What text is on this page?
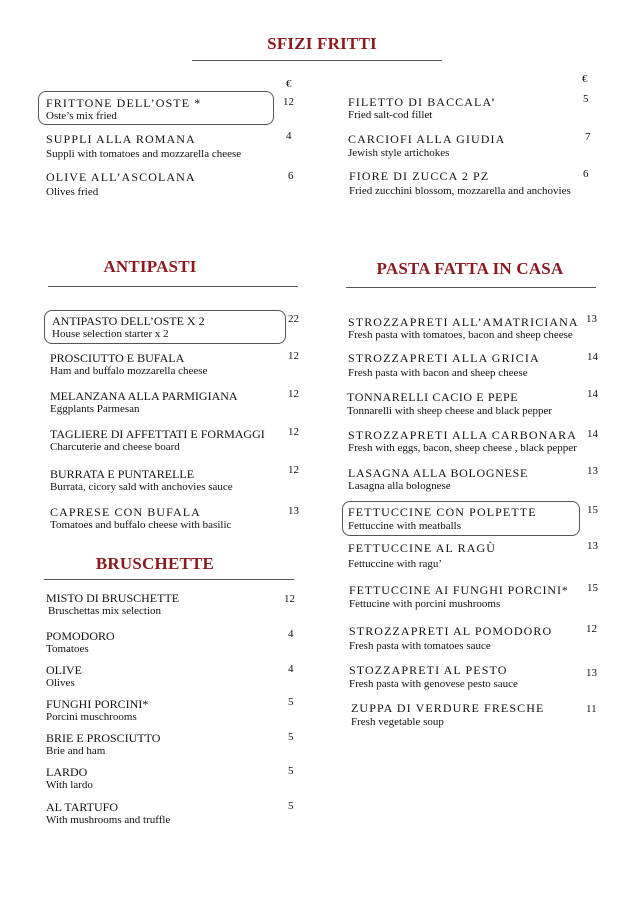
SFIZI FRITTI
€	€
FRITTONE DELL’OSTE *
Oste’s mix fried
12
SUPPLI ALLA ROMANA
Suppli with tomatoes and mozzarella cheese
4
OLIVE ALL’ASCOLANA
Olives fried
6
FILETTO DI BACCALA’
Fried salt-cod fillet
5
CARCIOFI ALLA GIUDIA
Jewish style artichokes
7
FIORE DI ZUCCA 2 PZ
Fried zucchini blossom, mozzarella and anchovies
6
ANTIPASTI
ANTIPASTO DELL’OSTE X 2
House selection starter x 2
22
PROSCIUTTO E BUFALA
Ham and buffalo mozzarella cheese
12
MELANZANA ALLA PARMIGIANA
Eggplants Parmesan
12
TAGLIERE DI AFFETTATI E FORMAGGI
Charcuterie and cheese board
12
BURRATA E PUNTARELLE
Burrata, cicory sald with anchovies sauce
12
CAPRESE CON BUFALA
Tomatoes and buffalo cheese with basilic
13
BRUSCHETTE
MISTO DI BRUSCHETTE
Bruschettas mix selection
12
POMODORO
Tomatoes
4
OLIVE
Olives
4
FUNGHI PORCINI*
Porcini muschrooms
5
BRIE E PROSCIUTTO
Brie and ham
5
LARDO
With lardo
5
AL TARTUFO
With mushrooms and truffle
5
PASTA FATTA IN CASA
STROZZAPRETI ALL’AMATRICIANA
Fresh pasta with tomatoes, bacon and sheep cheese
13
STROZZAPRETI ALLA GRICIA
Fresh pasta with bacon and sheep cheese
14
TONNARELLI CACIO E PEPE
Tonnarelli with sheep cheese and black pepper
14
STROZZAPRETI ALLA CARBONARA
Fresh with eggs, bacon, sheep cheese , black pepper
14
LASAGNA ALLA BOLOGNESE
Lasagna alla bolognese
13
FETTUCCINE CON POLPETTE
Fettuccine with meatballs
15
FETTUCCINE AL RAGÙ
Fettuccine with ragu’
13
FETTUCCINE AI FUNGHI PORCINI*
Fettucine with porcini mushrooms
15
STROZZAPRETI AL POMODORO
Fresh pasta with tomatoes sauce
12
STOZZAPRETI AL PESTO
Fresh pasta with genovese pesto sauce
13
ZUPPA DI VERDURE FRESCHE
Fresh vegetable soup
11
